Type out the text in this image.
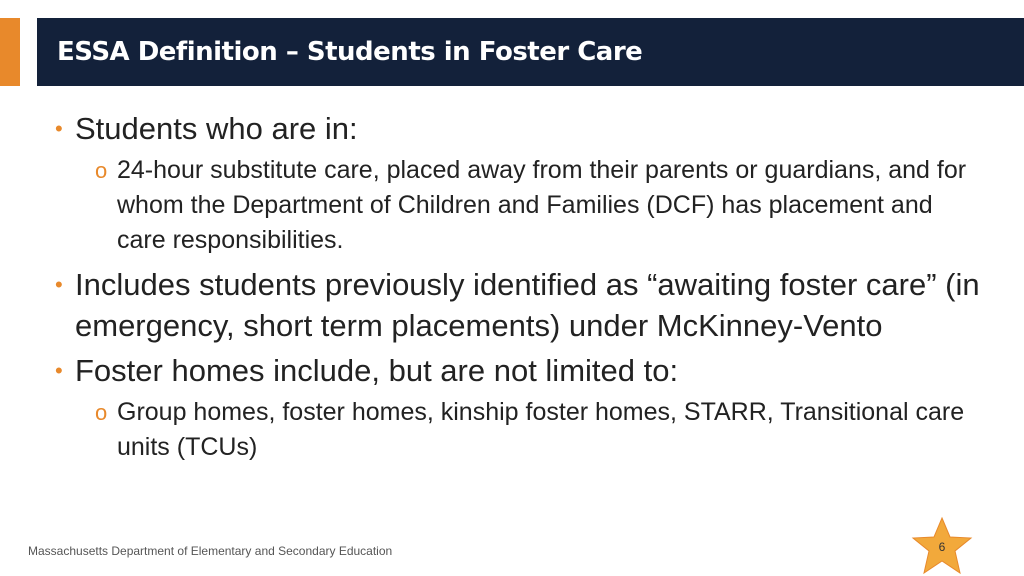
ESSA Definition – Students in Foster Care
• Students who are in:
o 24-hour substitute care, placed away from their parents or guardians, and for whom the Department of Children and Families (DCF) has placement and care responsibilities.
• Includes students previously identified as “awaiting foster care” (in emergency, short term placements) under McKinney-Vento
• Foster homes include, but are not limited to:
o Group homes, foster homes, kinship foster homes, STARR, Transitional care units (TCUs)
Massachusetts Department of Elementary and Secondary Education	6
